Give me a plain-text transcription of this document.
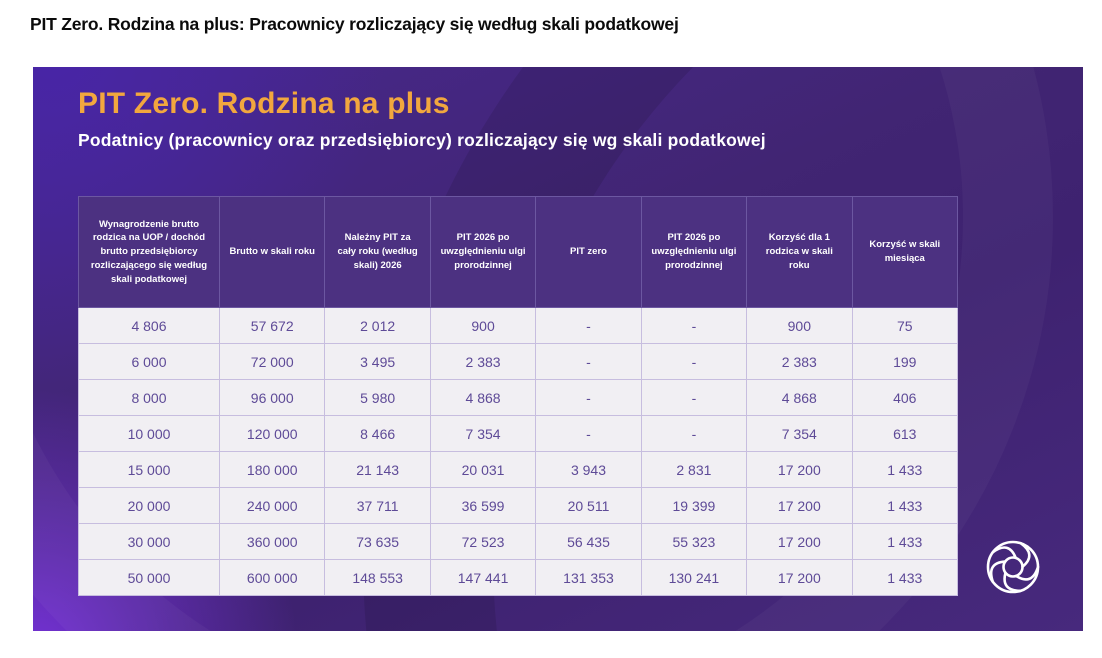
PIT Zero. Rodzina na plus: Pracownicy rozliczający się według skali podatkowej
PIT Zero. Rodzina na plus
Podatnicy (pracownicy oraz przedsiębiorcy) rozliczający się wg skali podatkowej
Wynagrodzenie brutto rodzica na UOP / dochód brutto przedsiębiorcy rozliczającego się według skali podatkowej	Brutto w skali roku	Należny PIT za cały roku (według skali) 2026	PIT 2026 po uwzględnieniu ulgi prorodzinnej	PIT zero	PIT 2026 po uwzględnieniu ulgi prorodzinnej	Korzyść dla 1 rodzica w skali roku	Korzyść w skali miesiąca
4 806	57 672	2 012	900	-	-	900	75
6 000	72 000	3 495	2 383	-	-	2 383	199
8 000	96 000	5 980	4 868	-	-	4 868	406
10 000	120 000	8 466	7 354	-	-	7 354	613
15 000	180 000	21 143	20 031	3 943	2 831	17 200	1 433
20 000	240 000	37 711	36 599	20 511	19 399	17 200	1 433
30 000	360 000	73 635	72 523	56 435	55 323	17 200	1 433
50 000	600 000	148 553	147 441	131 353	130 241	17 200	1 433
